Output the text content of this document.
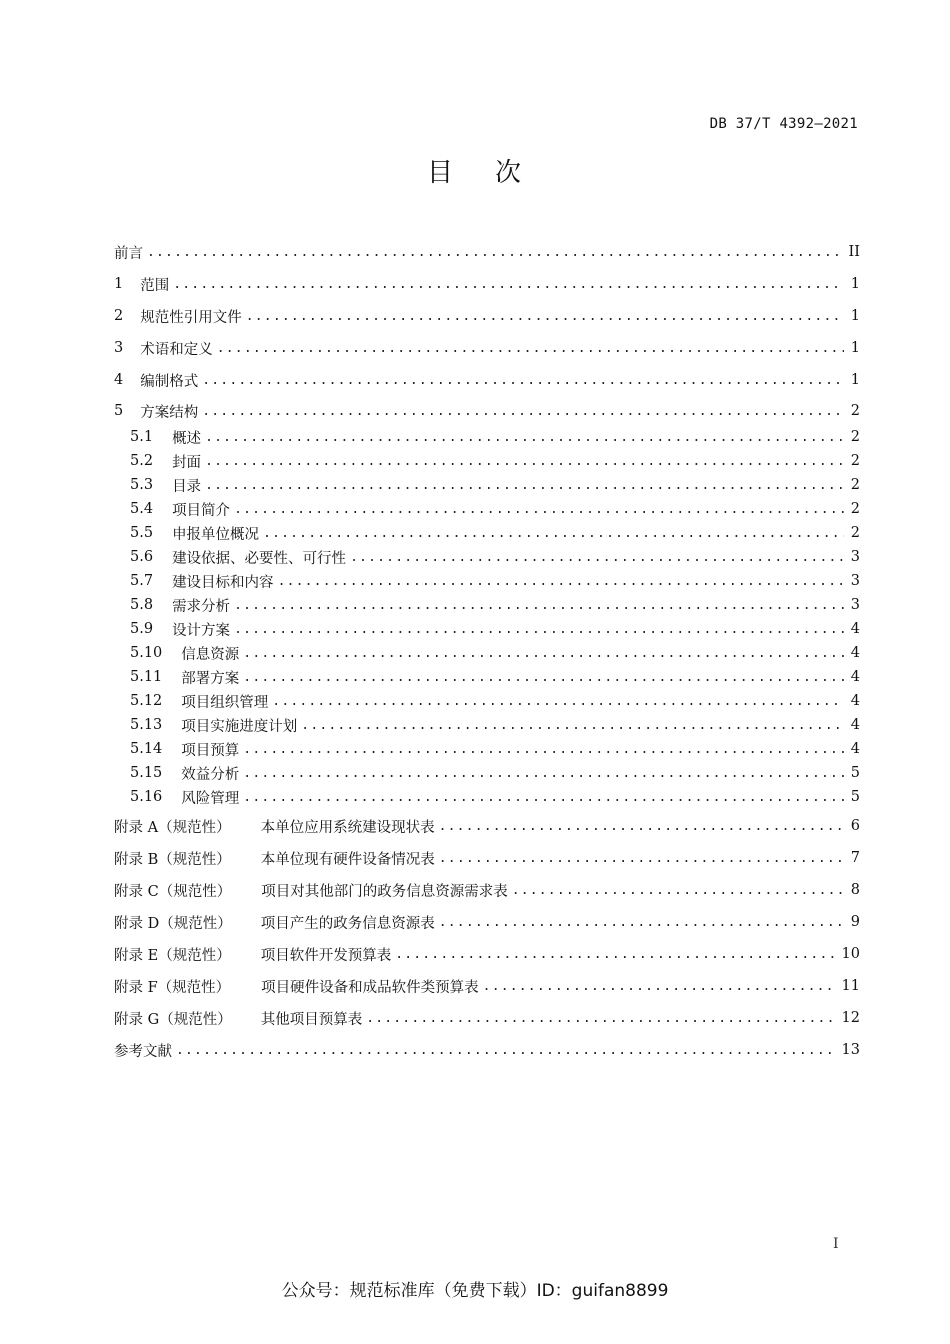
DB 37/T 4392—2021
目 次
前言 .....	II
1 范围 .....	1
2 规范性引用文件 .....	1
3 术语和定义 .....	1
4 编制格式 .....	1
5 方案结构 .....	2
5.1 概述 .....	2
5.2 封面 .....	2
5.3 目录 .....	2
5.4 项目简介 .....	2
5.5 申报单位概况 .....	2
5.6 建设依据、必要性、可行性 .....	3
5.7 建设目标和内容 .....	3
5.8 需求分析 .....	3
5.9 设计方案 .....	4
5.10 信息资源 .....	4
5.11 部署方案 .....	4
5.12 项目组织管理 .....	4
5.13 项目实施进度计划 .....	4
5.14 项目预算 .....	4
5.15 效益分析 .....	5
5.16 风险管理 .....	5
附录 A（规范性） 本单位应用系统建设现状表 .....	6
附录 B（规范性） 本单位现有硬件设备情况表 .....	7
附录 C（规范性） 项目对其他部门的政务信息资源需求表 .....	8
附录 D（规范性） 项目产生的政务信息资源表 .....	9
附录 E（规范性） 项目软件开发预算表 .....	10
附录 F（规范性） 项目硬件设备和成品软件类预算表 .....	11
附录 G（规范性） 其他项目预算表 .....	12
参考文献 .....	13
I
公众号：规范标准库（免费下载）ID：guifan8899
